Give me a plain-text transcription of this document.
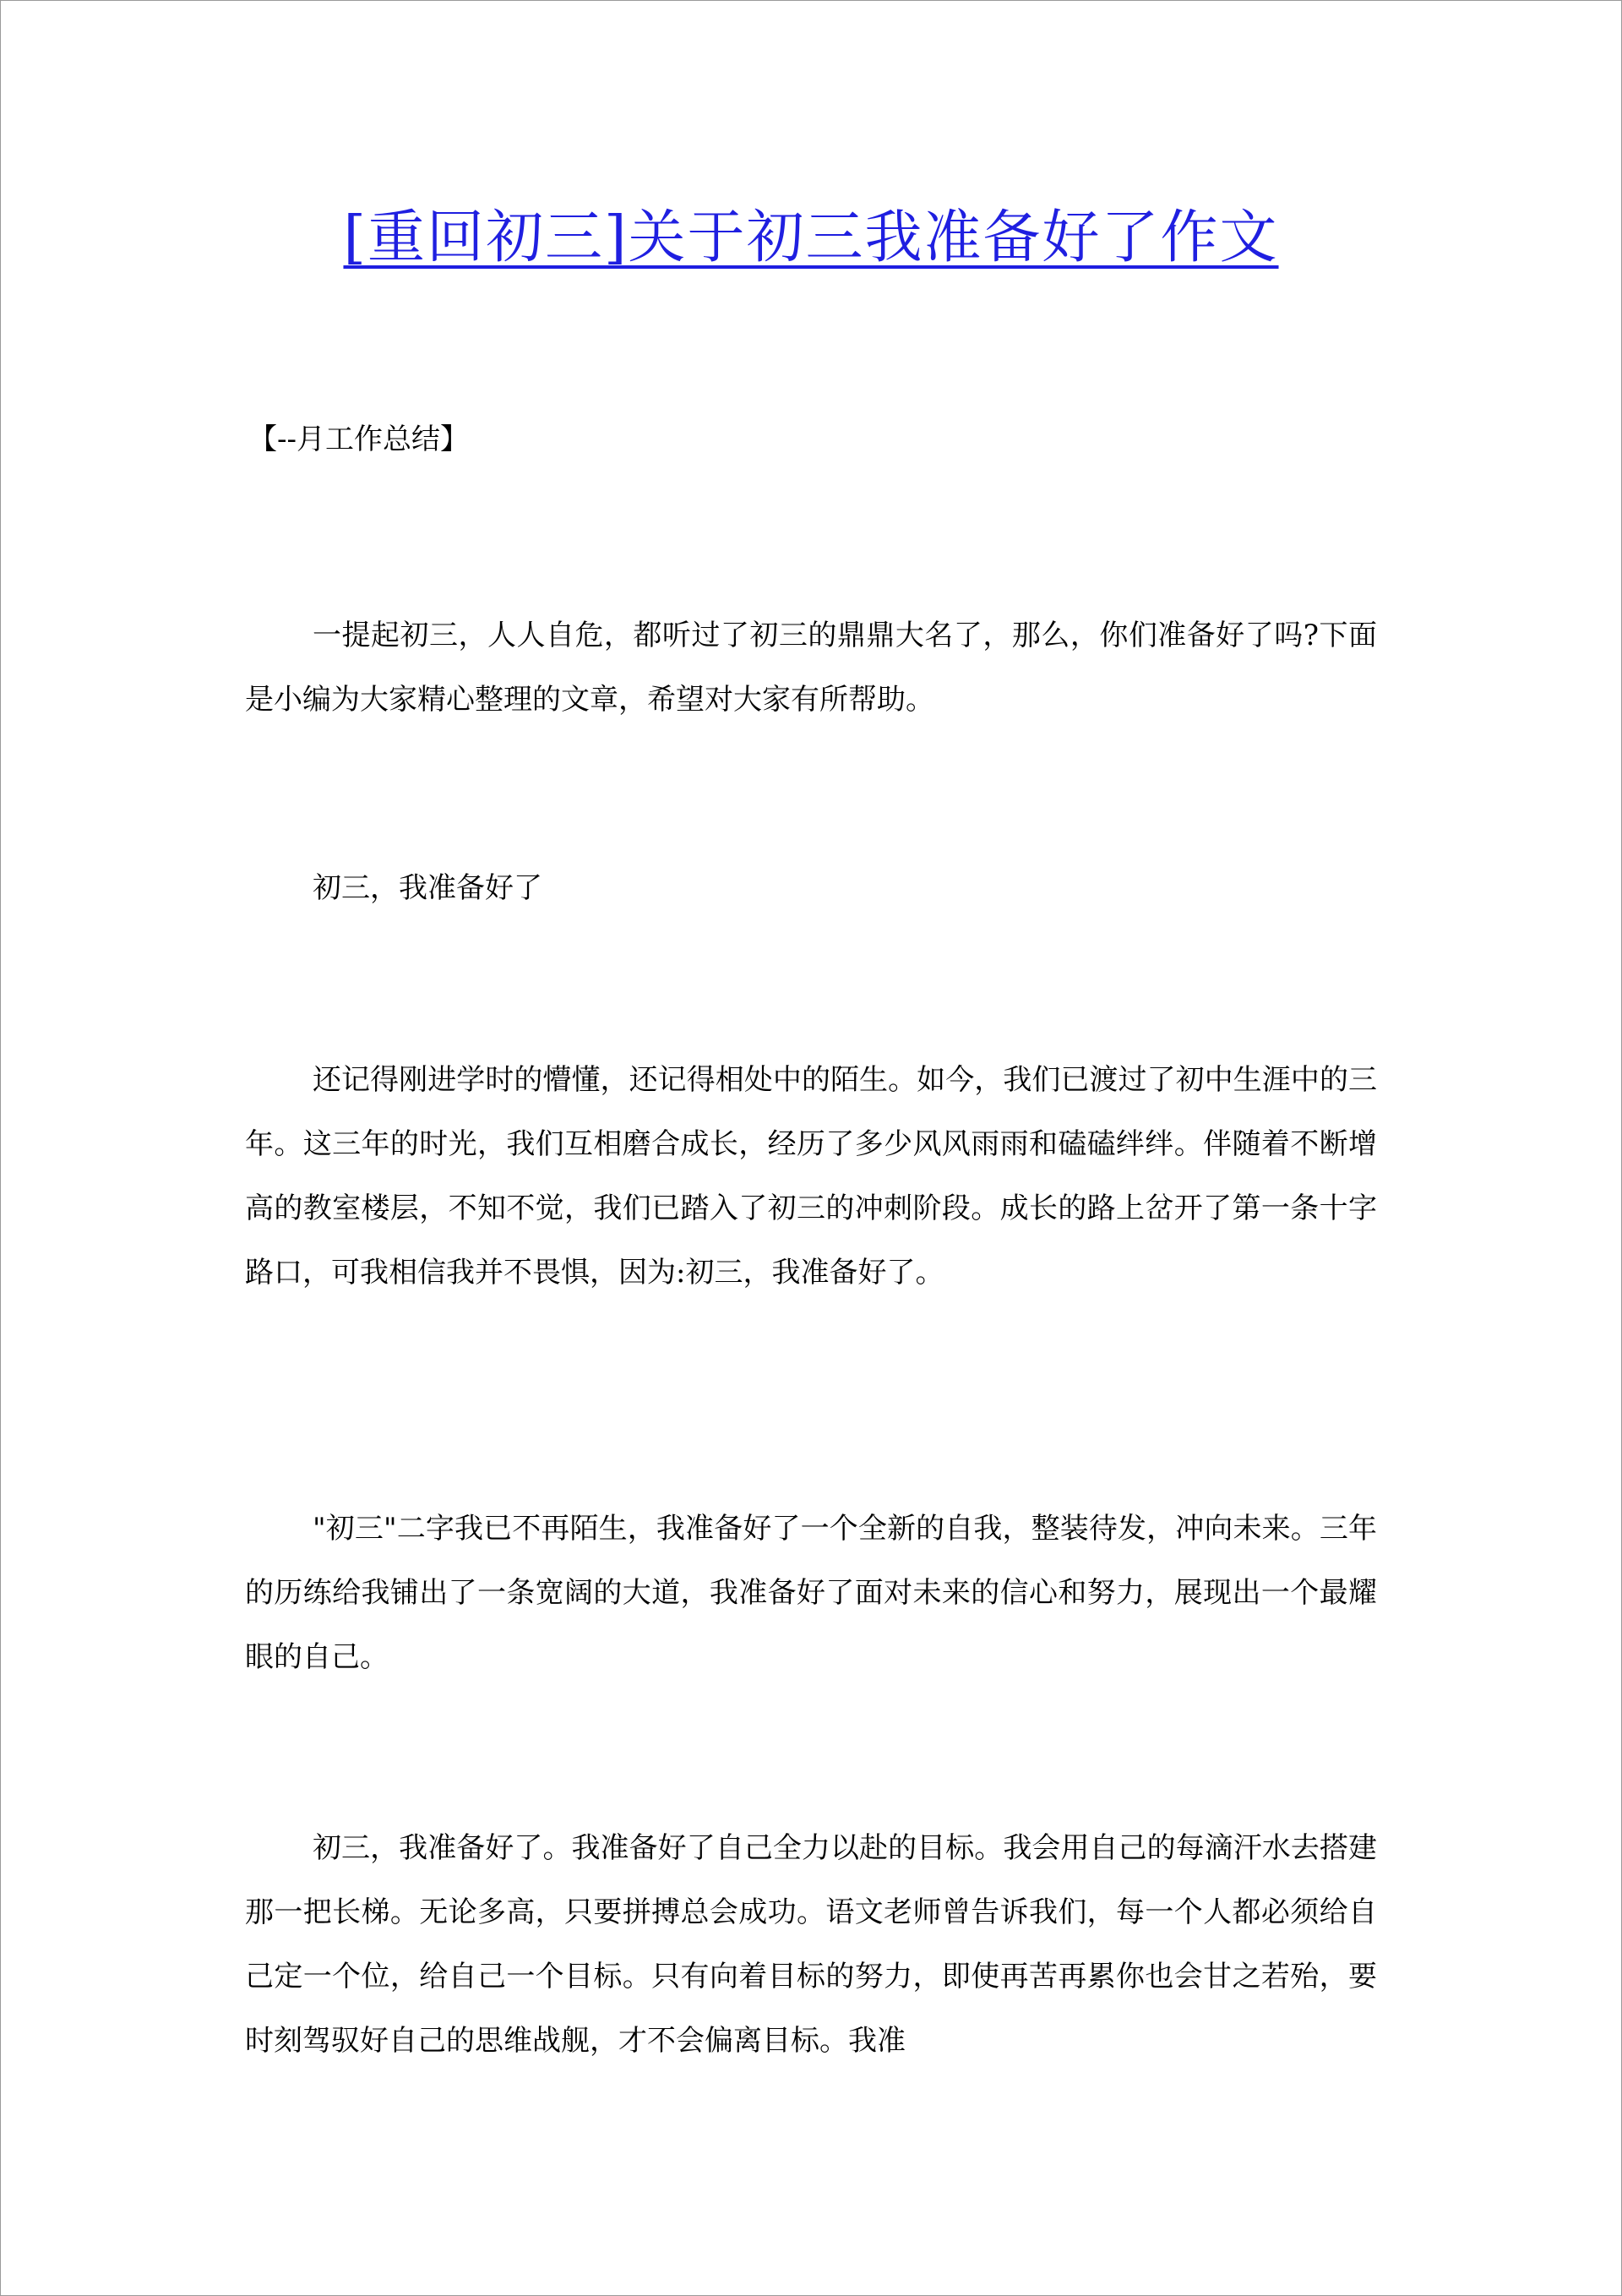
[重回初三]关于初三我准备好了作文

【--月工作总结】

一提起初三，人人自危，都听过了初三的鼎鼎大名了，那么，你们准备好了吗?下面是小编为大家精心整理的文章，希望对大家有所帮助。

初三，我准备好了

还记得刚进学时的懵懂，还记得相处中的陌生。如今，我们已渡过了初中生涯中的三年。这三年的时光，我们互相磨合成长，经历了多少风风雨雨和磕磕绊绊。伴随着不断增高的教室楼层，不知不觉，我们已踏入了初三的冲刺阶段。成长的路上岔开了第一条十字路口，可我相信我并不畏惧，因为:初三，我准备好了。

"初三"二字我已不再陌生，我准备好了一个全新的自我，整装待发，冲向未来。三年的历练给我铺出了一条宽阔的大道，我准备好了面对未来的信心和努力，展现出一个最耀眼的自己。

初三，我准备好了。我准备好了自己全力以赴的目标。我会用自己的每滴汗水去搭建那一把长梯。无论多高，只要拼搏总会成功。语文老师曾告诉我们，每一个人都必须给自己定一个位，给自己一个目标。只有向着目标的努力，即使再苦再累你也会甘之若殆，要时刻驾驭好自己的思维战舰，才不会偏离目标。我准
